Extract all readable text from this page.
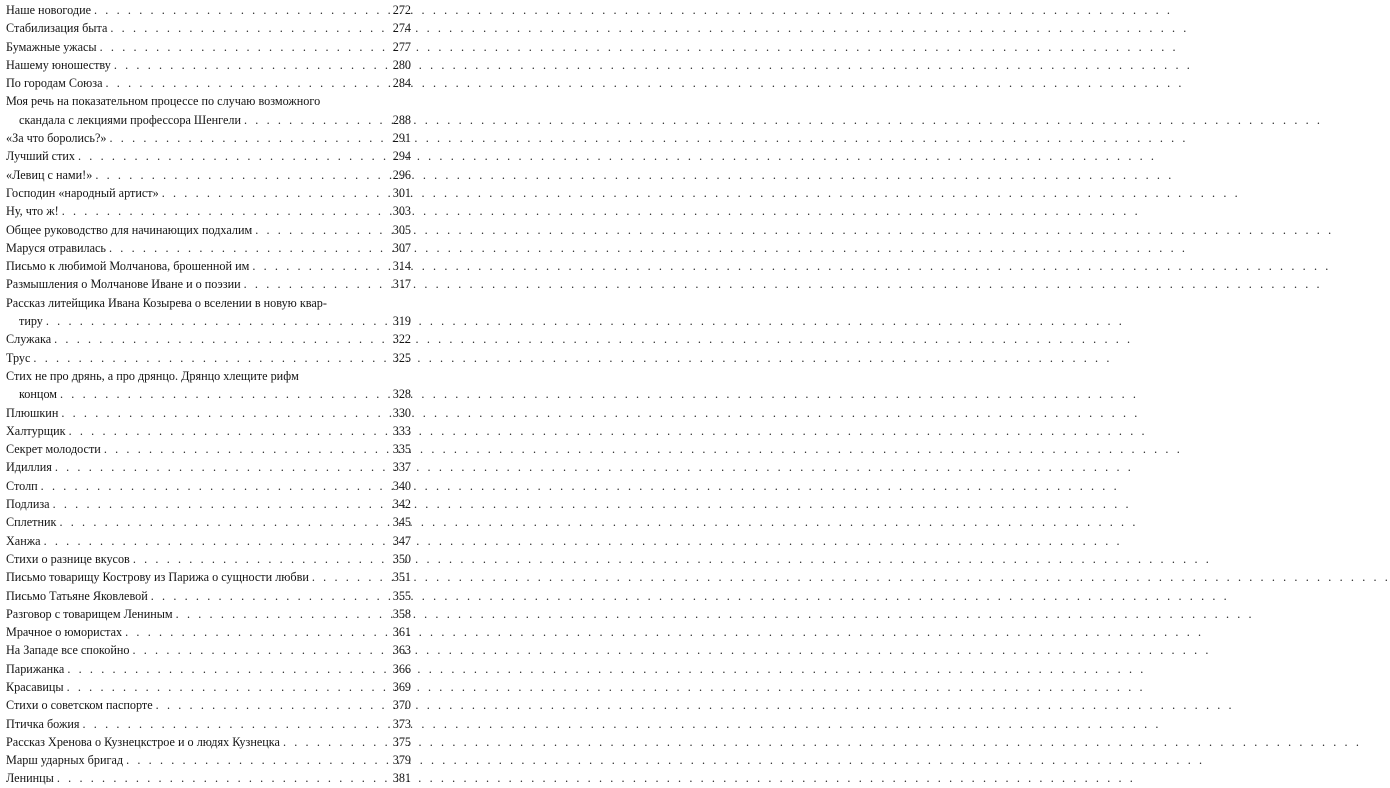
Наше новогодие . . .	272
Стабилизация быта . . .	274
Бумажные ужасы . . .	277
Нашему юношеству . . .	280
По городам Союза . . .	284
Моя речь на показательном процессе по случаю возможного
скандала с лекциями профессора Шенгели . . .	288
«За что боролись?» . . .	291
Лучший стих . . .	294
«Левиц с нами!» . . .	296
Господин «народный артист» . . .	301
Ну, что ж! . . .	303
Общее руководство для начинающих подхалим . . .	305
Маруся отравилась . . .	307
Письмо к любимой Молчанова, брошенной им . . .	314
Размышления о Молчанове Иване и о поэзии . . .	317
Рассказ литейщика Ивана Козырева о вселении в новую квар-
тиру . . .	319
Служака . . .	322
Трус . . .	325
Стих не про дрянь, а про дрянцо. Дрянцо хлещите рифм
концом . . .	328
Плюшкин . . .	330
Халтурщик . . .	333
Секрет молодости . . .	335
Идиллия . . .	337
Столп . . .	340
Подлиза . . .	342
Сплетник . . .	345
Ханжа . . .	347
Стихи о разнице вкусов . . .	350
Письмо товарищу Кострову из Парижа о сущности любви . . .	351
Письмо Татьяне Яковлевой . . .	355
Разговор с товарищем Лениным . . .	358
Мрачное о юмористах . . .	361
На Западе все спокойно . . .	363
Парижанка . . .	366
Красавицы . . .	369
Стихи о советском паспорте . . .	370
Птичка божия . . .	373
Рассказ Хренова о Кузнецкстрое и о людях Кузнецка . . .	375
Марш ударных бригад . . .	379
Ленинцы . . .	381
